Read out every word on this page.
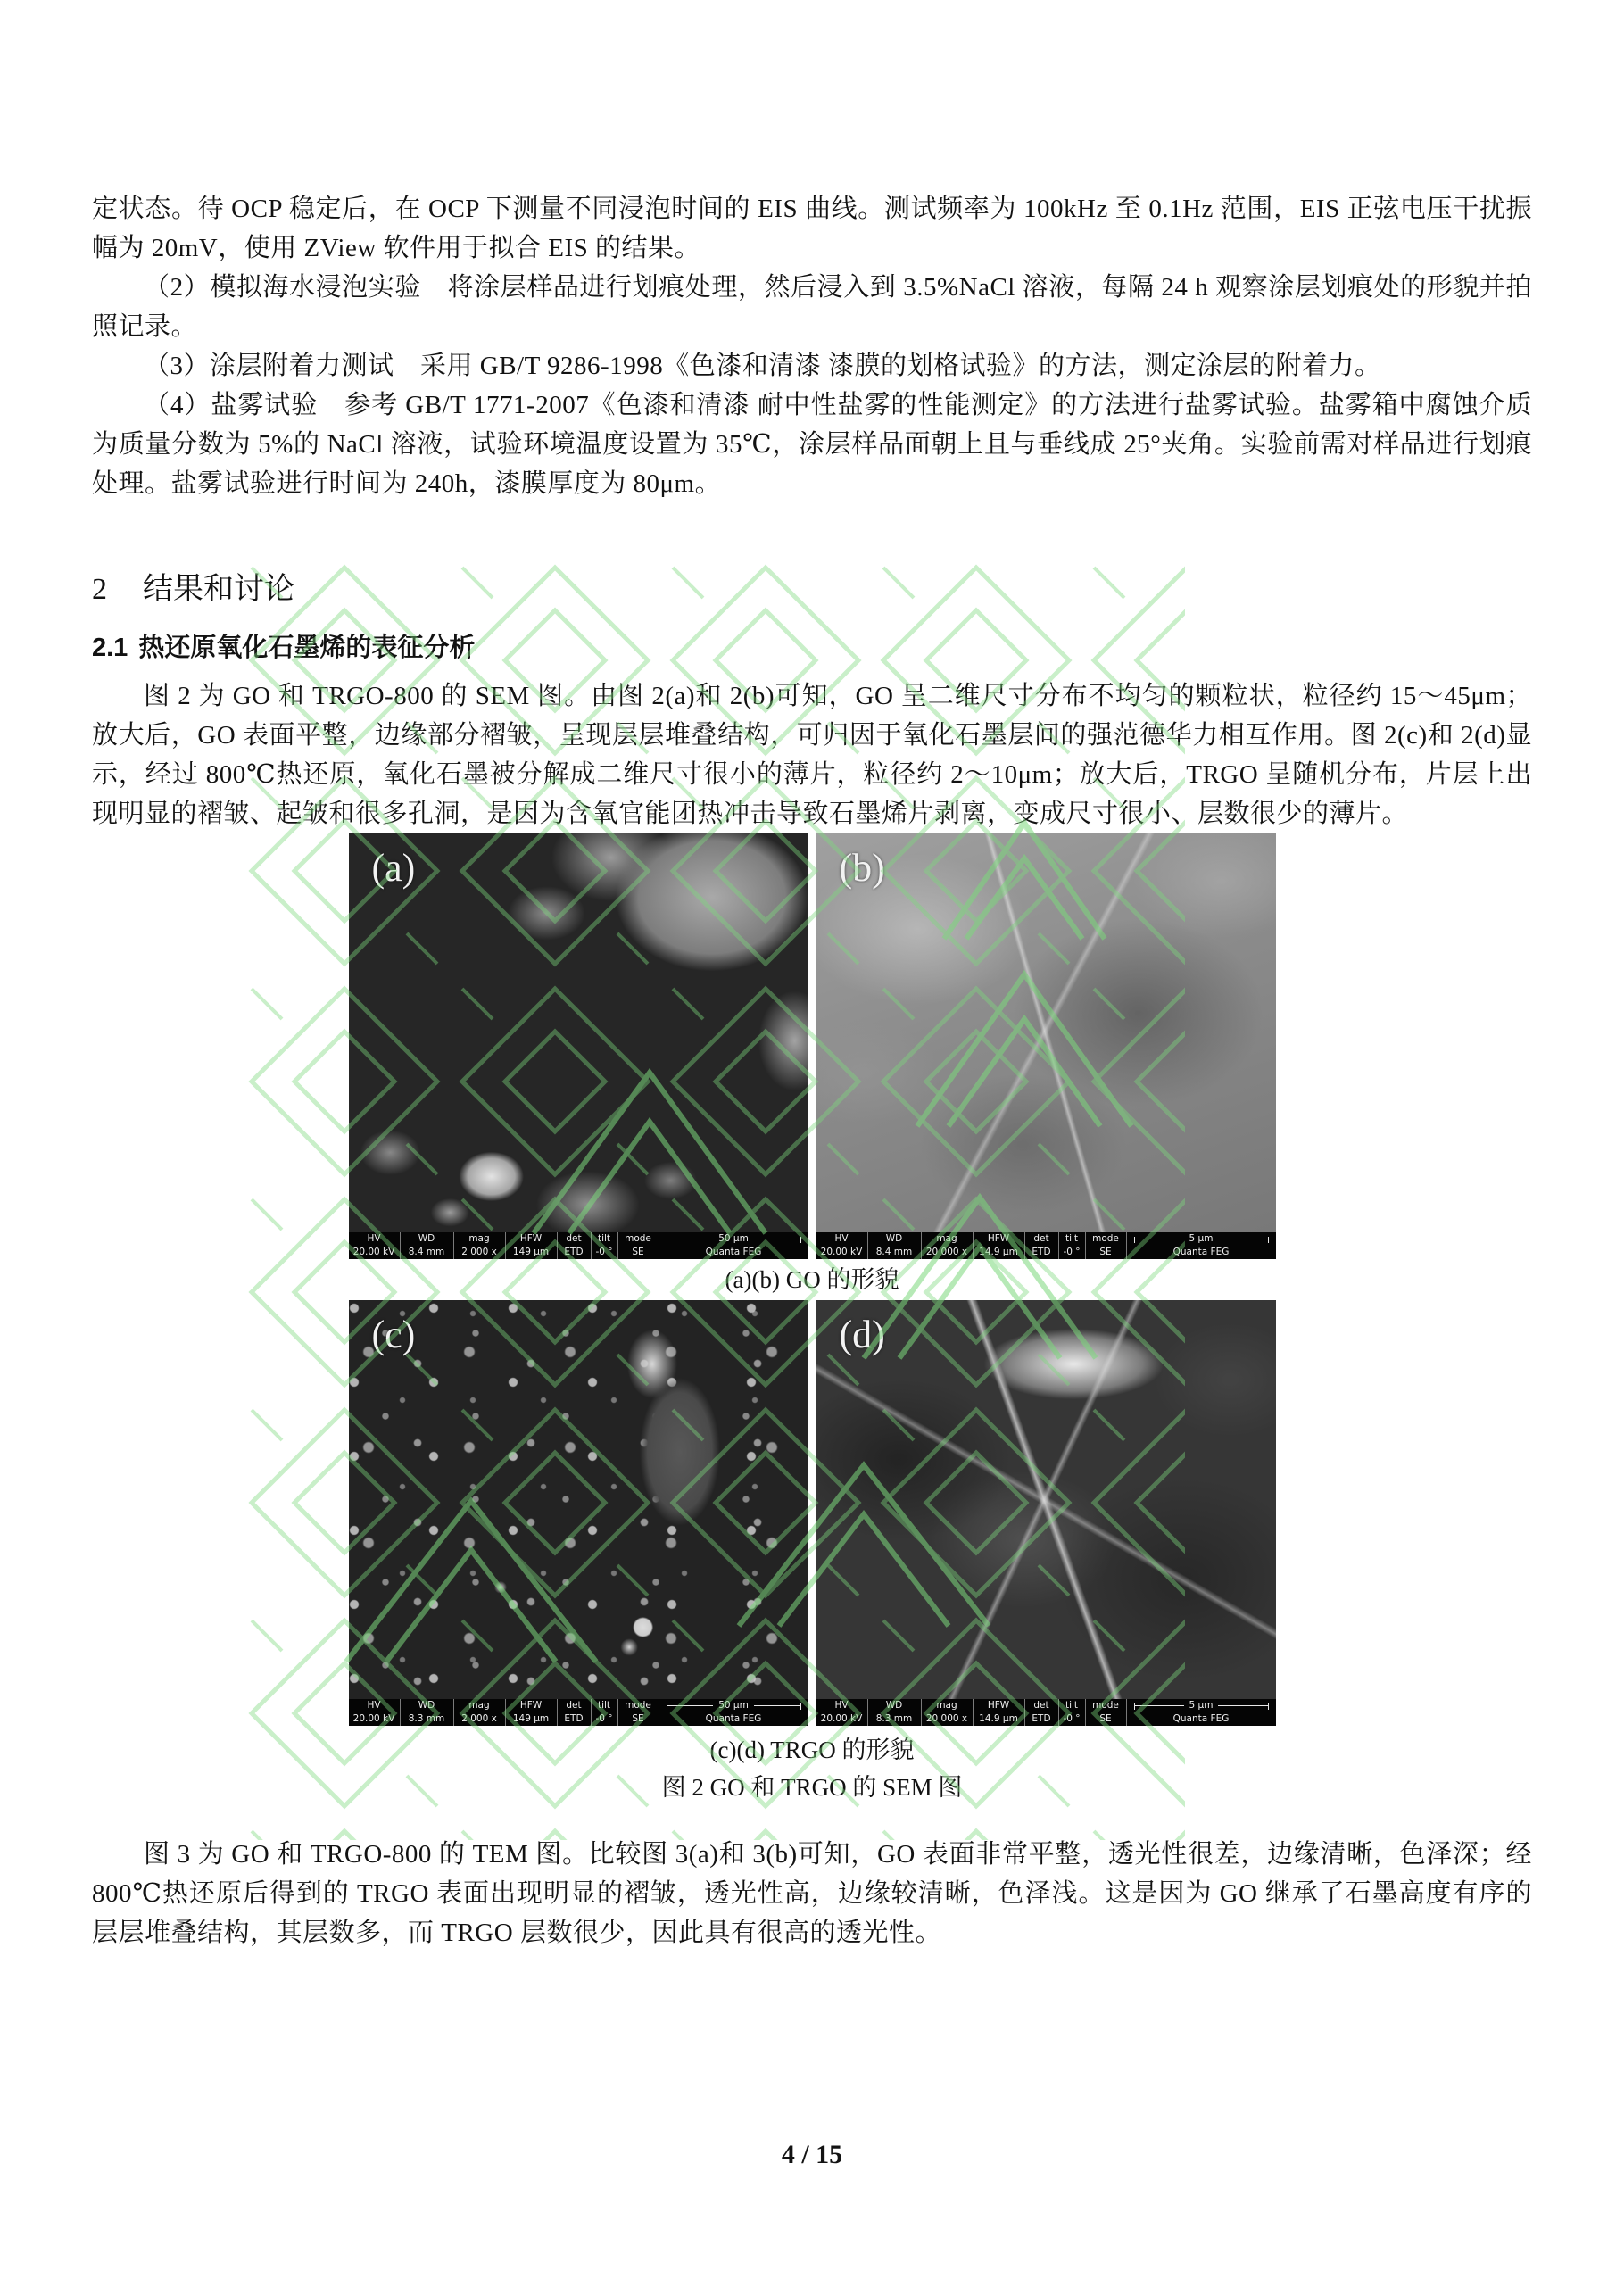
定状态。待 OCP 稳定后，在 OCP 下测量不同浸泡时间的 EIS 曲线。测试频率为 100kHz 至 0.1Hz 范围，EIS 正弦电压干扰振幅为 20mV，使用 ZView 软件用于拟合 EIS 的结果。

（2）模拟海水浸泡实验　将涂层样品进行划痕处理，然后浸入到 3.5%NaCl 溶液，每隔 24 h 观察涂层划痕处的形貌并拍照记录。

（3）涂层附着力测试　采用 GB/T 9286-1998《色漆和清漆 漆膜的划格试验》的方法，测定涂层的附着力。

（4）盐雾试验　参考 GB/T 1771-2007《色漆和清漆 耐中性盐雾的性能测定》的方法进行盐雾试验。盐雾箱中腐蚀介质为质量分数为 5%的 NaCl 溶液，试验环境温度设置为 35℃，涂层样品面朝上且与垂线成 25°夹角。实验前需对样品进行划痕处理。盐雾试验进行时间为 240h，漆膜厚度为 80μm。

2 结果和讨论
2.1 热还原氧化石墨烯的表征分析

图 2 为 GO 和 TRGO-800 的 SEM 图。由图 2(a)和 2(b)可知，GO 呈二维尺寸分布不均匀的颗粒状，粒径约 15～45μm；放大后，GO 表面平整，边缘部分褶皱，呈现层层堆叠结构，可归因于氧化石墨层间的强范德华力相互作用。图 2(c)和 2(d)显示，经过 800℃热还原，氧化石墨被分解成二维尺寸很小的薄片，粒径约 2～10μm；放大后，TRGO 呈随机分布，片层上出现明显的褶皱、起皱和很多孔洞，是因为含氧官能团热冲击导致石墨烯片剥离，变成尺寸很小、层数很少的薄片。

(a)
HV
20.00 kV
WD
8.4 mm
mag
2 000 x
HFW
149 μm
det
ETD
tilt
-0 °
mode
SE
50 μm
Quanta FEG
(b)
HV
20.00 kV
WD
8.4 mm
mag
20 000 x
HFW
14.9 μm
det
ETD
tilt
-0 °
mode
SE
5 μm
Quanta FEG

(a)(b) GO 的形貌

(c)
HV
20.00 kV
WD
8.3 mm
mag
2 000 x
HFW
149 μm
det
ETD
tilt
-0 °
mode
SE
50 μm
Quanta FEG
(d)
HV
20.00 kV
WD
8.3 mm
mag
20 000 x
HFW
14.9 μm
det
ETD
tilt
-0 °
mode
SE
5 μm
Quanta FEG

(c)(d) TRGO 的形貌

图 2 GO 和 TRGO 的 SEM 图

图 3 为 GO 和 TRGO-800 的 TEM 图。比较图 3(a)和 3(b)可知，GO 表面非常平整，透光性很差，边缘清晰，色泽深；经 800℃热还原后得到的 TRGO 表面出现明显的褶皱，透光性高，边缘较清晰，色泽浅。这是因为 GO 继承了石墨高度有序的层层堆叠结构，其层数多，而 TRGO 层数很少，因此具有很高的透光性。

4 / 15
